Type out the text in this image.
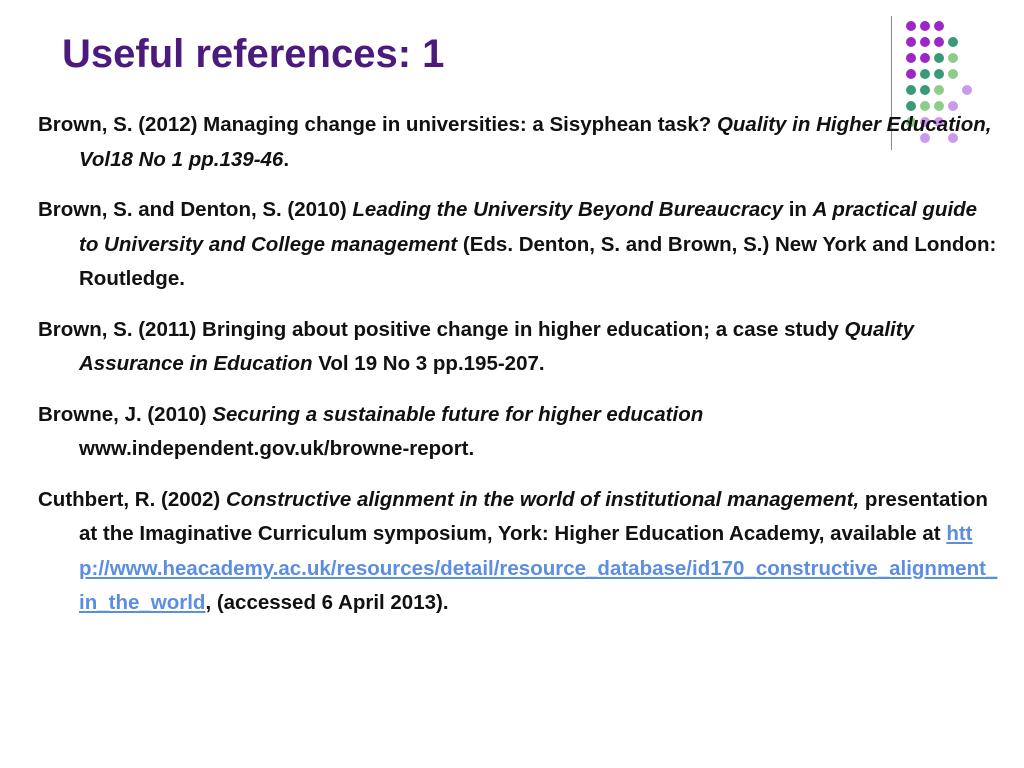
Useful references: 1

Brown, S. (2012) Managing change in universities: a Sisyphean task? Quality in Higher Education, Vol18 No 1 pp.139-46.

Brown, S. and Denton, S. (2010) Leading the University Beyond Bureaucracy in A practical guide to University and College management (Eds. Denton, S. and Brown, S.) New York and London: Routledge.

Brown, S. (2011) Bringing about positive change in higher education; a case study Quality Assurance in Education Vol 19 No 3 pp.195-207.

Browne, J. (2010) Securing a sustainable future for higher education www.independent.gov.uk/browne-report.

Cuthbert, R. (2002) Constructive alignment in the world of institutional management, presentation at the Imaginative Curriculum symposium, York: Higher Education Academy, available at http://www.heacademy.ac.uk/resources/detail/resource_database/id170_constructive_alignment_in_the_world, (accessed 6 April 2013).
